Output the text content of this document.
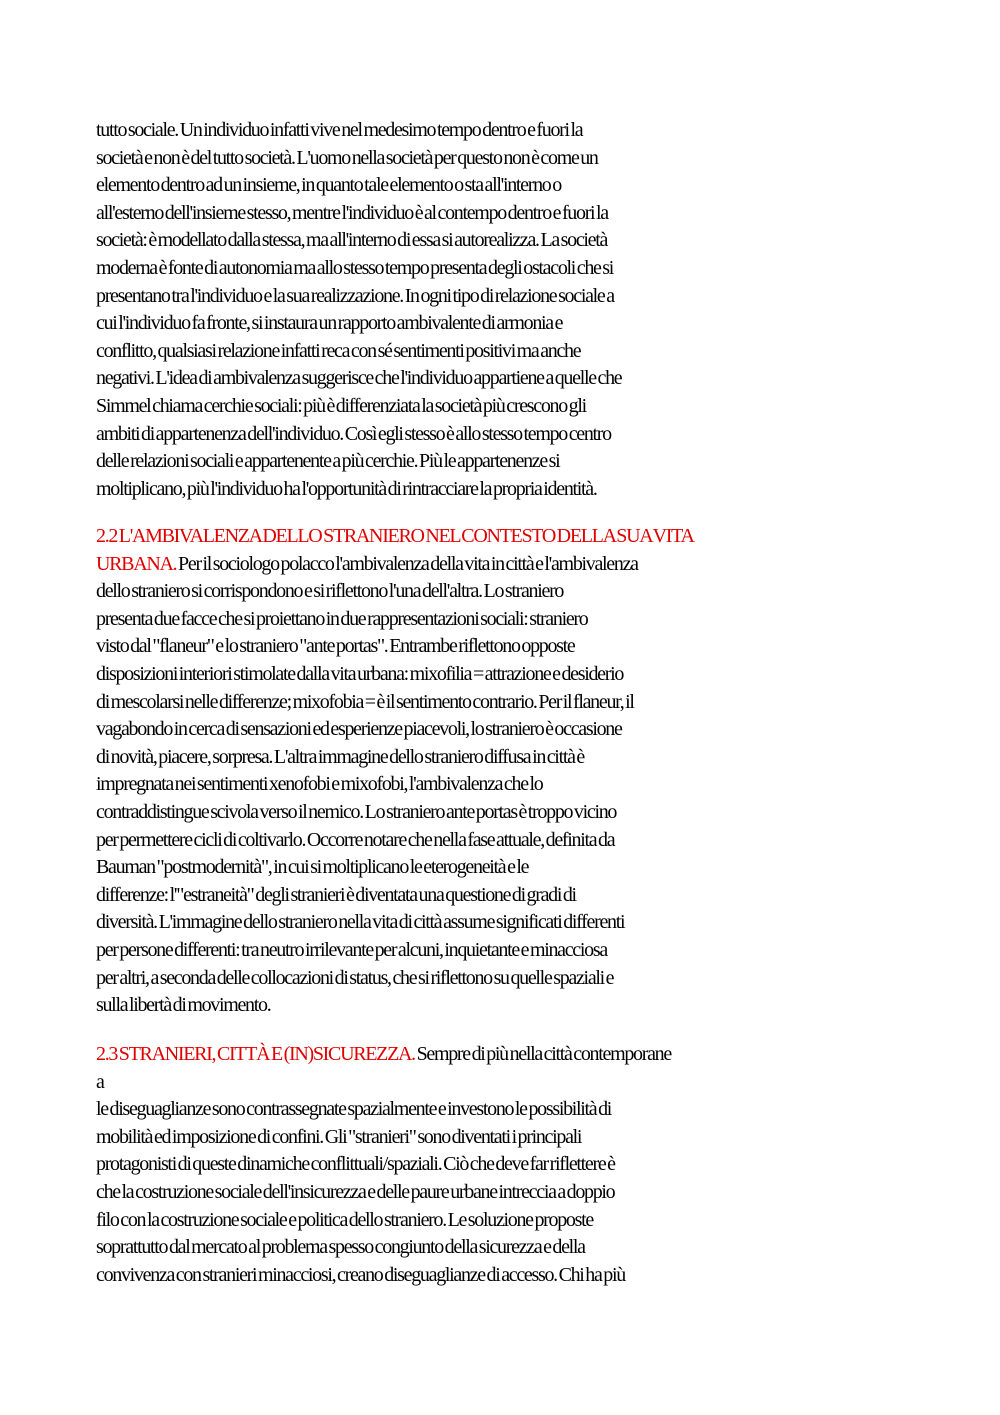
tutto sociale. Un individuo infatti vive nel medesimo tempo dentro e fuori la
società e non è del tutto società. L'uomo nella società per questo non è come un
elemento dentro ad un insieme, in quanto tale elemento o sta all'interno o
all'esterno dell'insieme stesso, mentre l'individuo è al contempo dentro e fuori la
società: è modellato dalla stessa, ma all'interno di essa si autorealizza. La società
moderna è fonte di autonomia ma allo stesso tempo presenta degli ostacoli che si
presentano tra l'individuo e la sua realizzazione. In ogni tipo di relazione sociale a
cui l'individuo fa fronte, si instaura un rapporto ambivalente di armonia e
conflitto, qualsiasi relazione infatti reca con sé sentimenti positivi ma anche
negativi. L'idea di ambivalenza suggerisce che l'individuo appartiene a quelle che
Simmel chiama cerchie sociali: più è differenziata la società più crescono gli
ambiti di appartenenza dell'individuo. Così egli stesso è allo stesso tempo centro
delle relazioni sociali e appartenente a più cerchie. Più le appartenenze si
moltiplicano, più l'individuo ha l'opportunità di rintracciare la propria identità.
2.2 L'AMBIVALENZA DELLO STRANIERO NEL CONTESTO DELLA SUA VITA
URBANA. Per il sociologo polacco l'ambivalenza della vita in città e l'ambivalenza
dello straniero si corrispondono e si riflettono l'una dell'altra. Lo straniero
presenta due facce che si proiettano in due rappresentazioni sociali: straniero
visto dal "flaneur" e lo straniero "ante portas". Entrambe riflettono opposte
disposizioni interiori stimolate dalla vita urbana: mixofilia = attrazione e desiderio
di mescolarsi nelle differenze; mixofobia = è il sentimento contrario. Per il flaneur, il
vagabondo in cerca di sensazioni ed esperienze piacevoli, lo straniero è occasione
di novità, piacere, sorpresa. L'altra immagine dello straniero diffusa in città è
impregnata nei sentimenti xenofobi e mixofobi, l'ambivalenza che lo
contraddistingue scivola verso il nemico. Lo straniero ante portas è troppo vicino
per permettere cicli di coltivarlo. Occorre notare che nella fase attuale, definita da
Bauman "postmodernità", in cui si moltiplicano le eterogeneità e le
differenze: l'"estraneità" degli stranieri è diventata una questione di gradi di
diversità. L'immagine dello straniero nella vita di città assume significati differenti
per persone differenti: tra neutro irrilevante per alcuni, inquietante e minacciosa
per altri, a seconda delle collocazioni di status, che si riflettono su quelle spaziali e
sulla libertà di movimento.
2.3 STRANIERI, CITTÀ E (IN)SICUREZZA. Sempre di più nella città contemporane
a
le diseguaglianze sono contrassegnate spazialmente e investono le possibilità di
mobilità ed imposizione di confini. Gli "stranieri" sono diventati i principali
protagonisti di queste dinamiche conflittuali/spaziali. Ciò che deve far riflettere è
che la costruzione sociale dell'insicurezza e delle paure urbane intreccia a doppio
filo con la costruzione sociale e politica dello straniero. Le soluzione proposte
soprattutto dal mercato al problema spesso congiunto della sicurezza e della
convivenza con stranieri minacciosi, creano diseguaglianze di accesso. Chi ha più
